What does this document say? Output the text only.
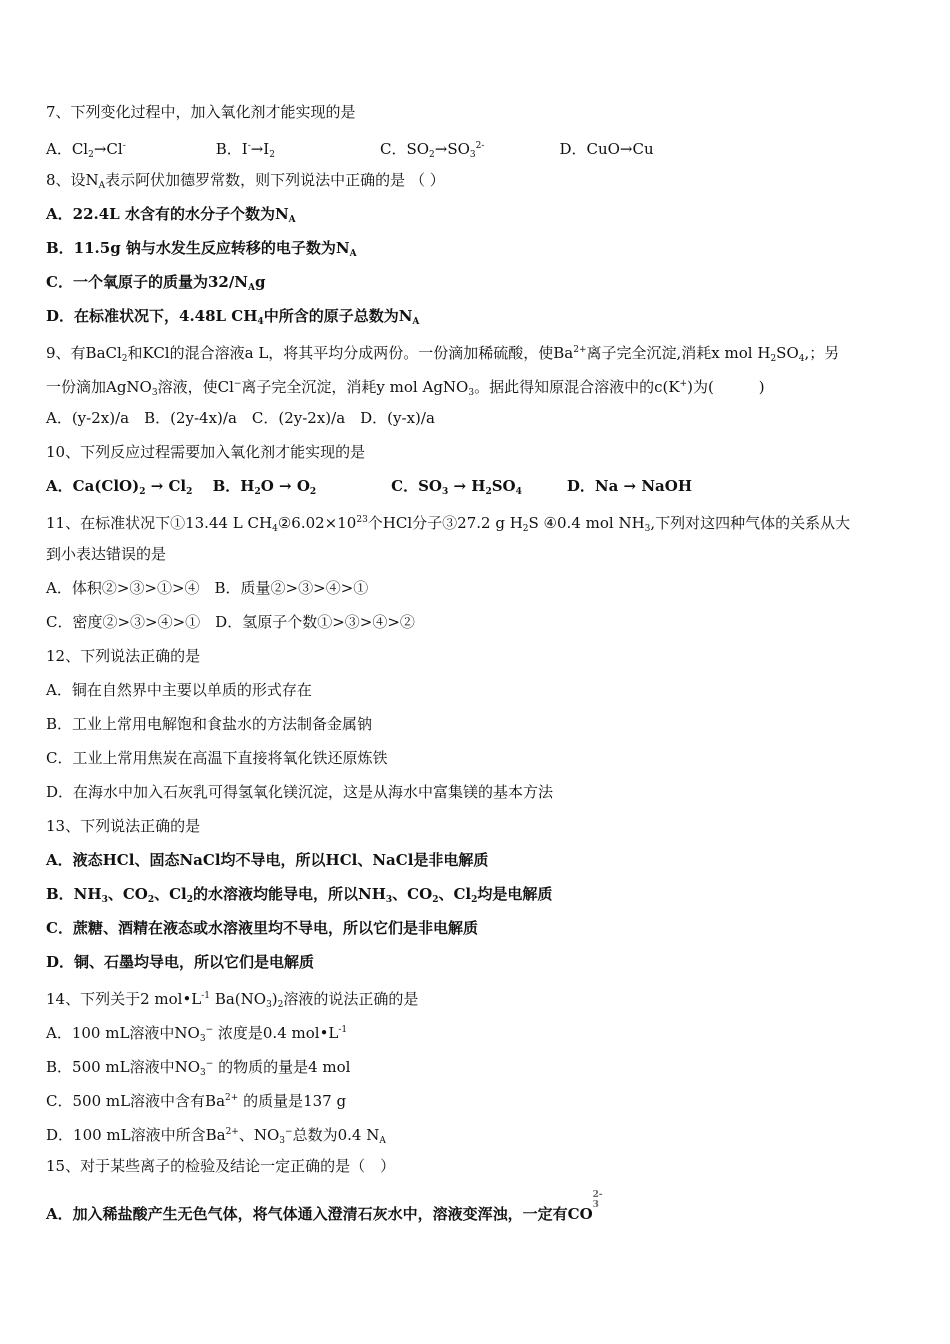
7、下列变化过程中，加入氧化剂才能实现的是
A．$Cl_2\to Cl^-$　　　　　　B．$I^-\to I_2$　　　　　　　C．$SO_2\to SO_3^{2-}$　　　　　D．CuO→Cu
8、设$N_A$表示阿伏加德罗常数，则下列说法中正确的是 （ ）
A．22.4L 水含有的水分子个数为$N_A$
B．11.5g 钠与水发生反应转移的电子数为$N_A$
C．一个氧原子的质量为$32/N_Ag$
D．在标准状况下，4.48L $CH_4$中所含的原子总数为$N_A$
9、有BaCl$_2$和KCl的混合溶液a L，将其平均分成两份。一份滴加稀硫酸，使$Ba^{2+}$离子完全沉淀,消耗x mol $H_2SO_4$,；另
一份滴加AgNO$_3$溶液，使Cl−离子完全沉淀，消耗y mol AgNO$_3$。据此得知原混合溶液中的c(K+)为(　　　)
A．(y-2x)/a　B．(2y-4x)/a　C．(2y-2x)/a　D．(y-x)/a
10、下列反应过程需要加入氧化剂才能实现的是
A．$Ca(ClO)_2 \to Cl_2$　 B．$H_2O \to O_2$　　　　　C．$SO_3 \to H_2SO_4$　　　D．Na → NaOH
11、在标准状况下①13.44 L $CH_4②6.02\times 10^{23}$个HCl分子③27.2 g $H_2S$ ④0.4 mol $NH_3$,下列对这四种气体的关系从大
到小表达错误的是
A．体积②>③>①>④　B．质量②>③>④>①
C．密度②>③>④>①　D．氢原子个数①>③>④>②
12、下列说法正确的是
A．铜在自然界中主要以单质的形式存在
B．工业上常用电解饱和食盐水的方法制备金属钠
C．工业上常用焦炭在高温下直接将氧化铁还原炼铁
D．在海水中加入石灰乳可得氢氧化镁沉淀，这是从海水中富集镁的基本方法
13、下列说法正确的是
A．液态HCl、固态NaCl均不导电，所以HCl、NaCl是非电解质
B．$NH_3$、$CO_2$、$Cl_2$的水溶液均能导电，所以$NH_3$、$CO_2$、$Cl_2$均是电解质
C．蔗糖、酒精在液态或水溶液里均不导电，所以它们是非电解质
D．铜、石墨均导电，所以它们是电解质
14、下列关于2 $mol•L^{-1}$ $Ba(NO_3)_2$溶液的说法正确的是
A．100 mL溶液中$NO_3^-$ 浓度是0.4 $mol•L^{-1}$
B．500 mL溶液中$NO_3^-$ 的物质的量是4 mol
C．500 mL溶液中含有$Ba^{2+}$ 的质量是137 g
D．100 mL溶液中所含$Ba^{2+}$、$NO_3^-$总数为0.4 $N_A$
15、对于某些离子的检验及结论一定正确的是（　）
A．加入稀盐酸产生无色气体，将气体通入澄清石灰水中，溶液变浑浊，一定有CO2-
3
